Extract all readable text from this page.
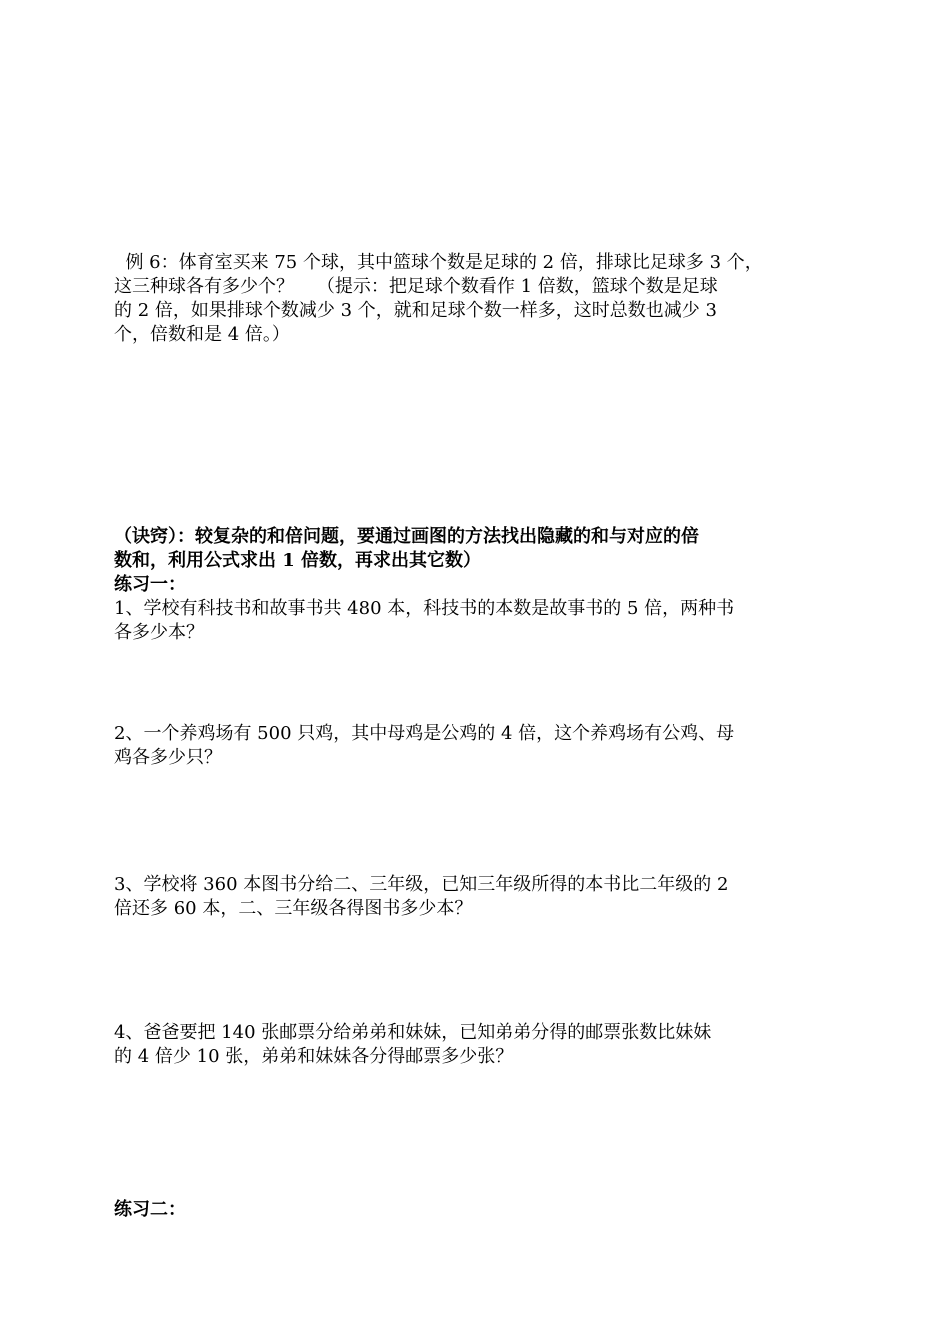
例 6：体育室买来 75 个球，其中篮球个数是足球的 2 倍，排球比足球多 3 个，
这三种球各有多少个？    （提示：把足球个数看作 1 倍数，篮球个数是足球
的 2 倍，如果排球个数减少 3 个，就和足球个数一样多，这时总数也减少 3
个，倍数和是 4 倍。）
（诀窍）：较复杂的和倍问题，要通过画图的方法找出隐藏的和与对应的倍
数和，利用公式求出 1 倍数，再求出其它数）
练习一：
1、学校有科技书和故事书共 480 本，科技书的本数是故事书的 5 倍，两种书
各多少本？
2、一个养鸡场有 500 只鸡，其中母鸡是公鸡的 4 倍，这个养鸡场有公鸡、母
鸡各多少只？
3、学校将 360 本图书分给二、三年级，已知三年级所得的本书比二年级的 2
倍还多 60 本，二、三年级各得图书多少本？
4、爸爸要把 140 张邮票分给弟弟和妹妹，已知弟弟分得的邮票张数比妹妹
的 4 倍少 10 张，弟弟和妹妹各分得邮票多少张？
练习二：
